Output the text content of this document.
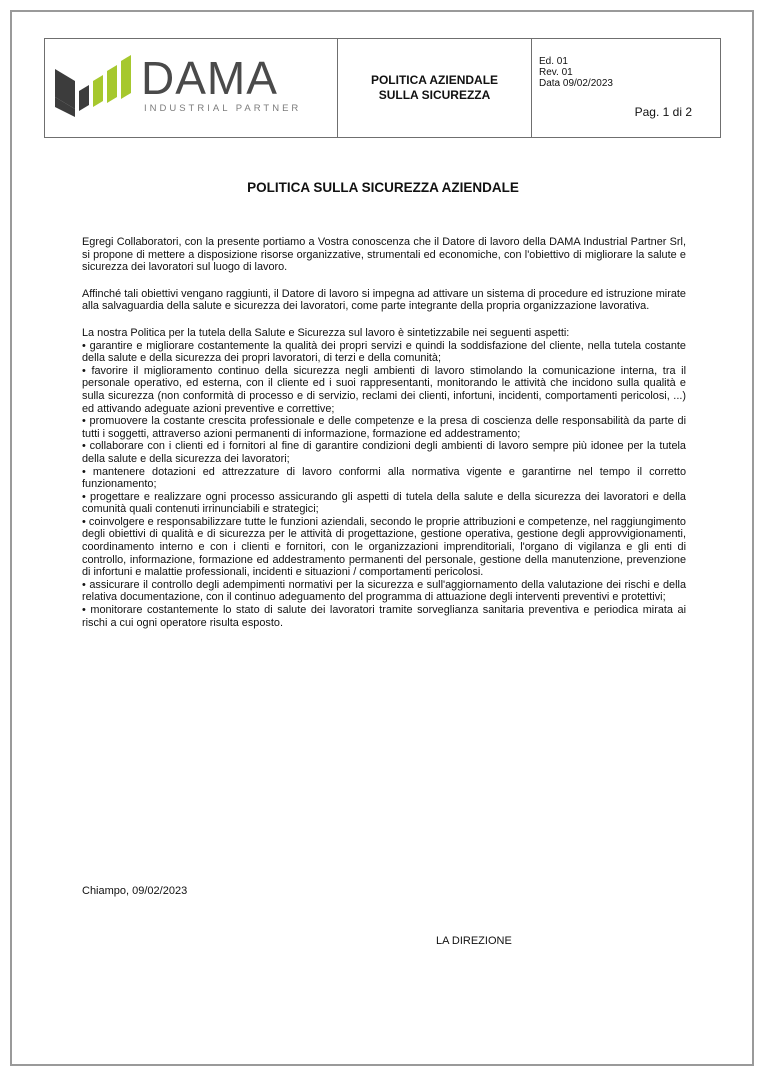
DAMA
INDUSTRIAL PARTNER
POLITICA AZIENDALE
SULLA SICUREZZA
Ed. 01
Rev. 01
Data 09/02/2023
Pag. 1 di 2
POLITICA SULLA SICUREZZA AZIENDALE

Egregi Collaboratori, con la presente portiamo a Vostra conoscenza che il Datore di lavoro della DAMA Industrial Partner Srl, si propone di mettere a disposizione risorse organizzative, strumentali ed economiche, con l'obiettivo di migliorare la salute e sicurezza dei lavoratori sul luogo di lavoro.

Affinché tali obiettivi vengano raggiunti, il Datore di lavoro si impegna ad attivare un sistema di procedure ed istruzione mirate alla salvaguardia della salute e sicurezza dei lavoratori, come parte integrante della propria organizzazione lavorativa.

La nostra Politica per la tutela della Salute e Sicurezza sul lavoro è sintetizzabile nei seguenti aspetti:

• garantire e migliorare costantemente la qualità dei propri servizi e quindi la soddisfazione del cliente, nella tutela costante della salute e della sicurezza dei propri lavoratori, di terzi e della comunità;

• favorire il miglioramento continuo della sicurezza negli ambienti di lavoro stimolando la comunicazione interna, tra il personale operativo, ed esterna, con il cliente ed i suoi rappresentanti, monitorando le attività che incidono sulla qualità e sulla sicurezza (non conformità di processo e di servizio, reclami dei clienti, infortuni, incidenti, comportamenti pericolosi, ...) ed attivando adeguate azioni preventive e correttive;

• promuovere la costante crescita professionale e delle competenze e la presa di coscienza delle responsabilità da parte di tutti i soggetti, attraverso azioni permanenti di informazione, formazione ed addestramento;

• collaborare con i clienti ed i fornitori al fine di garantire condizioni degli ambienti di lavoro sempre più idonee per la tutela della salute e della sicurezza dei lavoratori;

• mantenere dotazioni ed attrezzature di lavoro conformi alla normativa vigente e garantirne nel tempo il corretto funzionamento;

• progettare e realizzare ogni processo assicurando gli aspetti di tutela della salute e della sicurezza dei lavoratori e della comunità quali contenuti irrinunciabili e strategici;

• coinvolgere e responsabilizzare tutte le funzioni aziendali, secondo le proprie attribuzioni e competenze, nel raggiungimento degli obiettivi di qualità e di sicurezza per le attività di progettazione, gestione operativa, gestione degli approvvigionamenti, coordinamento interno e con i clienti e fornitori, con le organizzazioni imprenditoriali, l'organo di vigilanza e gli enti di controllo, informazione, formazione ed addestramento permanenti del personale, gestione della manutenzione, prevenzione di infortuni e malattie professionali, incidenti e situazioni / comportamenti pericolosi.

• assicurare il controllo degli adempimenti normativi per la sicurezza e sull'aggiornamento della valutazione dei rischi e della relativa documentazione, con il continuo adeguamento del programma di attuazione degli interventi preventivi e protettivi;

• monitorare costantemente lo stato di salute dei lavoratori tramite sorveglianza sanitaria preventiva e periodica mirata ai rischi a cui ogni operatore risulta esposto.

Chiampo, 09/02/2023
LA DIREZIONE
